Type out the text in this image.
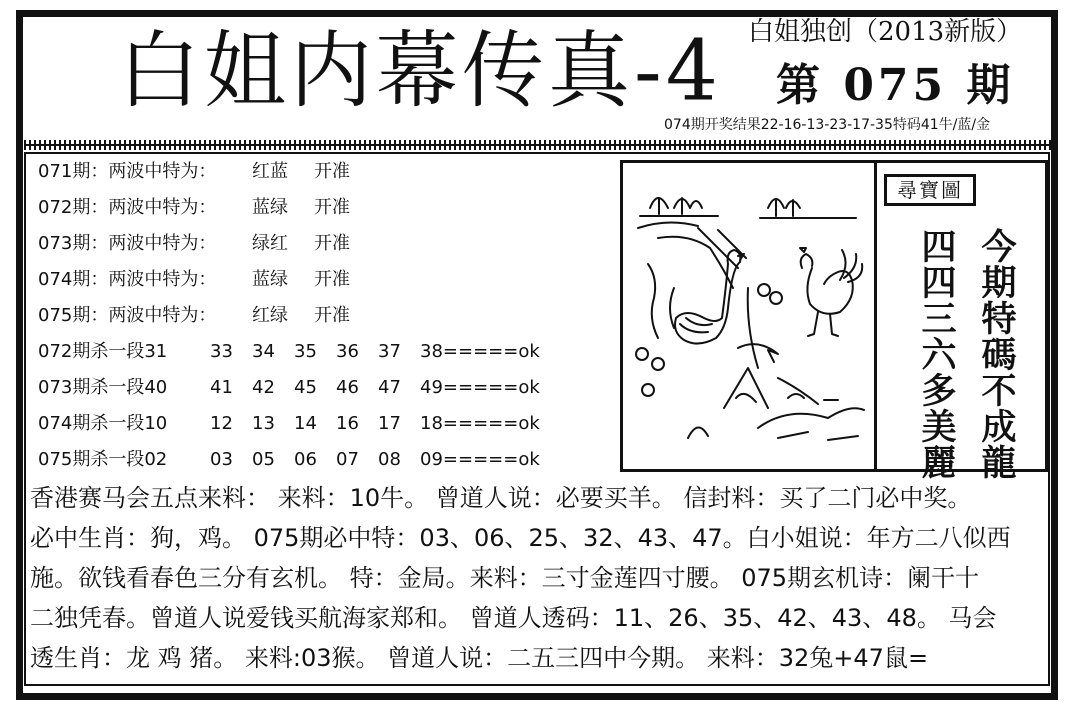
白姐内幕传真-4 白姐独创（2013新版）
第 075 期
074期开奖结果22-16-13-23-17-35特码41牛/蓝/金
071期：两波中特为： 红蓝 开准
072期：两波中特为： 蓝绿 开准
073期：两波中特为： 绿红 开准
074期：两波中特为： 蓝绿 开准
075期：两波中特为： 红绿 开准
072期杀一段31 33	34	35	36	37	38=====ok
073期杀一段40 41	42	45	46	47	49=====ok
074期杀一段10 12	13	14	16	17	18=====ok
075期杀一段02 03	05	06	07	08	09=====ok
尋寶圖
今期特碼不成龍
四四三六多美麗
香港赛马会五点来料： 来料：10牛。 曾道人说：必要买羊。 信封料：买了二门必中奖。
必中生肖：狗，鸡。 075期必中特：03、06、25、32、43、47。白小姐说：年方二八似西
施。欲钱看春色三分有玄机。 特：金局。来料：三寸金莲四寸腰。 075期玄机诗：阑干十
二独凭春。曾道人说爱钱买航海家郑和。 曾道人透码：11、26、35、42、43、48。 马会
透生肖：龙 鸡 猪。 来料:03猴。 曾道人说：二五三四中今期。 来料：32兔+47鼠=
